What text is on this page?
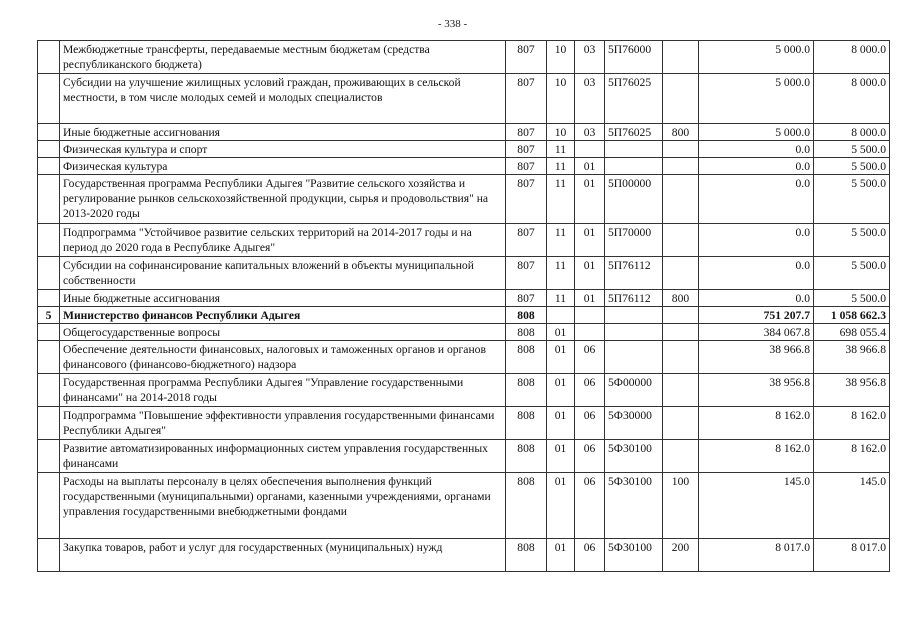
- 338 -
	Межбюджетные трансферты, передаваемые местным бюджетам (средства республиканского бюджета)	807	10	03	5П76000		5 000.0	8 000.0
	Субсидии на улучшение жилищных условий граждан, проживающих в сельской местности, в том числе молодых семей и молодых специалистов	807	10	03	5П76025		5 000.0	8 000.0
	Иные бюджетные ассигнования	807	10	03	5П76025	800	5 000.0	8 000.0
	Физическая культура и спорт	807	11				0.0	5 500.0
	Физическая культура	807	11	01			0.0	5 500.0
	Государственная программа Республики Адыгея "Развитие сельского хозяйства и регулирование рынков сельскохозяйственной продукции, сырья и продовольствия" на 2013-2020 годы	807	11	01	5П00000		0.0	5 500.0
	Подпрограмма "Устойчивое развитие сельских территорий на 2014-2017 годы и на период до 2020 года в Республике Адыгея"	807	11	01	5П70000		0.0	5 500.0
	Субсидии на софинансирование капитальных вложений в объекты муниципальной собственности	807	11	01	5П76112		0.0	5 500.0
	Иные бюджетные ассигнования	807	11	01	5П76112	800	0.0	5 500.0
5	Министерство финансов Республики Адыгея	808					751 207.7	1 058 662.3
	Общегосударственные вопросы	808	01				384 067.8	698 055.4
	Обеспечение деятельности финансовых, налоговых и таможенных органов и органов финансового (финансово-бюджетного) надзора	808	01	06			38 966.8	38 966.8
	Государственная программа Республики Адыгея "Управление государственными финансами" на 2014-2018 годы	808	01	06	5Ф00000		38 956.8	38 956.8
	Подпрограмма "Повышение эффективности управления государственными финансами Республики Адыгея"	808	01	06	5Ф30000		8 162.0	8 162.0
	Развитие автоматизированных информационных систем управления государственных финансами	808	01	06	5Ф30100		8 162.0	8 162.0
	Расходы на выплаты персоналу в целях обеспечения выполнения функций государственными (муниципальными) органами, казенными учреждениями, органами управления государственными внебюджетными фондами	808	01	06	5Ф30100	100	145.0	145.0
	Закупка товаров, работ и услуг для государственных (муниципальных) нужд	808	01	06	5Ф30100	200	8 017.0	8 017.0
